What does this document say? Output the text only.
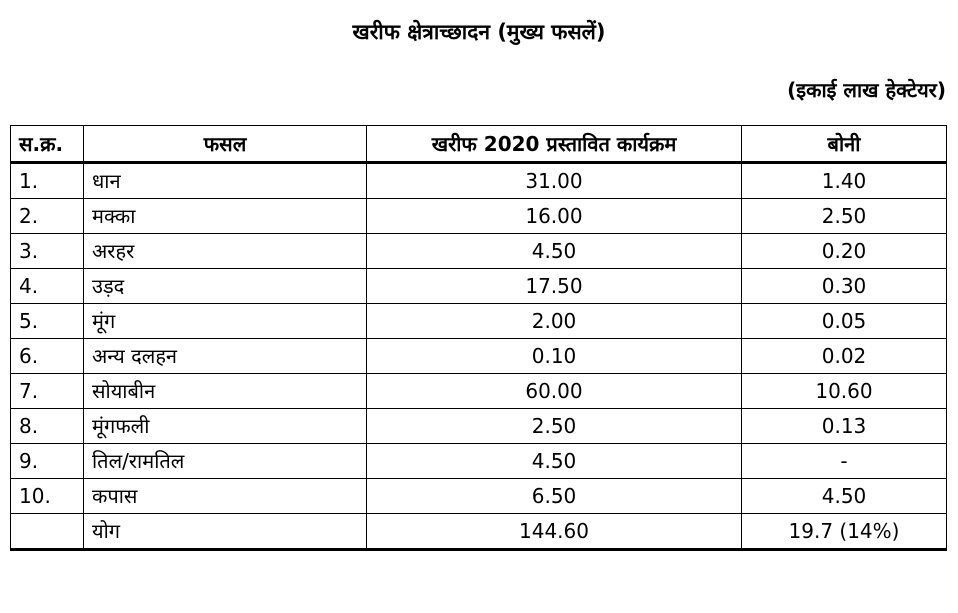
खरीफ क्षेत्राच्छादन (मुख्य फसलें)
(इकाई लाख हेक्टेयर)
स.क्र.	फसल	खरीफ 2020 प्रस्तावित कार्यक्रम	बोनी
1.	धान	31.00	1.40
2.	मक्का	16.00	2.50
3.	अरहर	4.50	0.20
4.	उड़द	17.50	0.30
5.	मूंग	2.00	0.05
6.	अन्य दलहन	0.10	0.02
7.	सोयाबीन	60.00	10.60
8.	मूंगफली	2.50	0.13
9.	तिल/रामतिल	4.50	-
10.	कपास	6.50	4.50
	योग	144.60	19.7 (14%)
